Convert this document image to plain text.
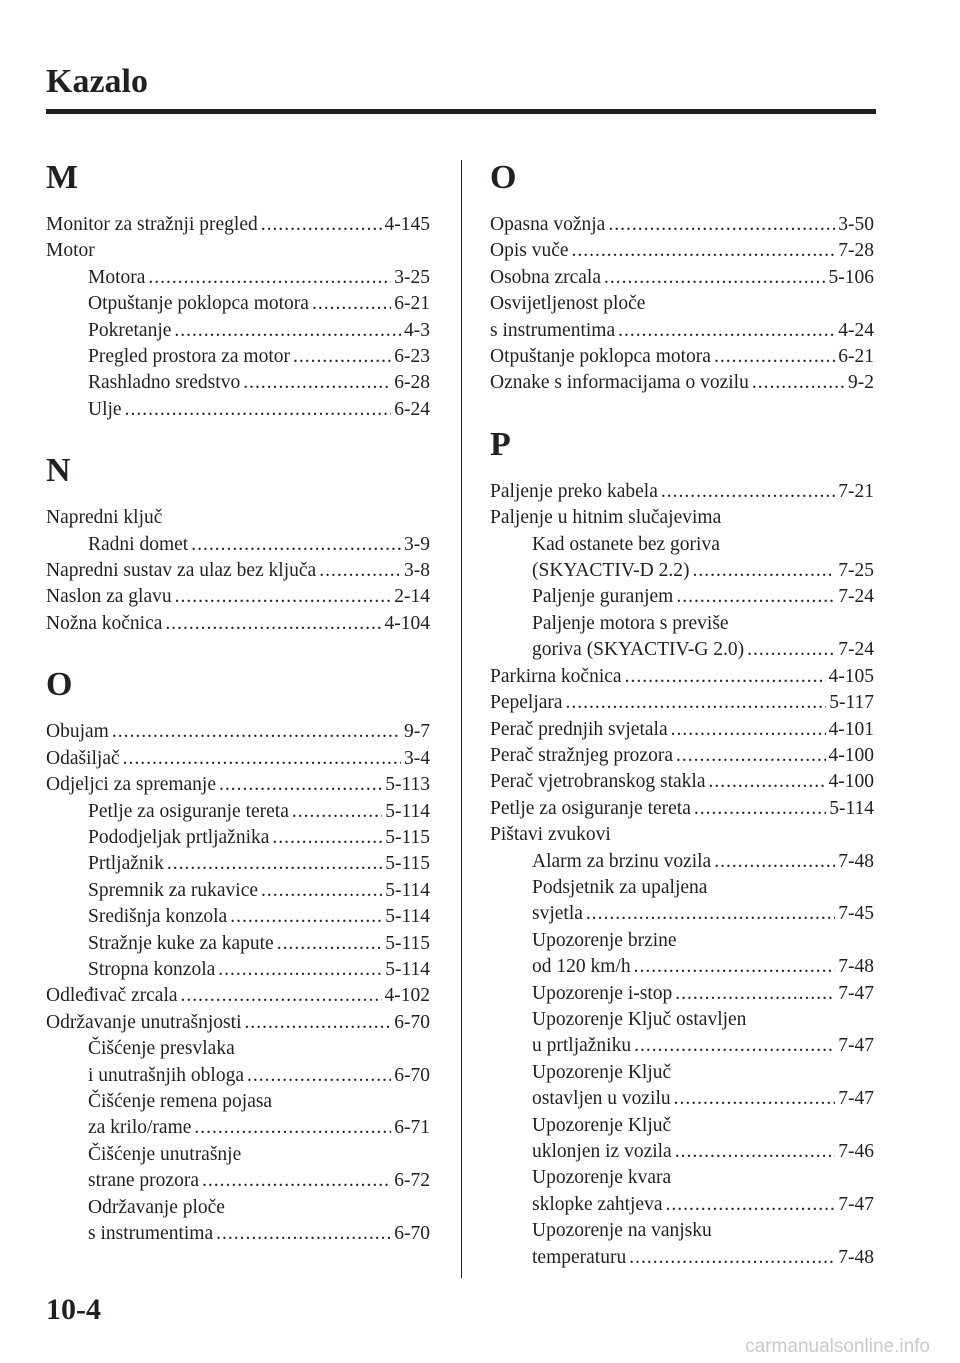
Kazalo
M
Monitor za stražnji pregled .....	4-145
Motor
Motora .....	3-25
Otpuštanje poklopca motora .....	6-21
Pokretanje .....	4-3
Pregled prostora za motor .....	6-23
Rashladno sredstvo .....	6-28
Ulje .....	6-24
N
Napredni ključ
Radni domet .....	3-9
Napredni sustav za ulaz bez ključa .....	3-8
Naslon za glavu .....	2-14
Nožna kočnica .....	4-104
O
Obujam .....	9-7
Odašiljač .....	3-4
Odjeljci za spremanje .....	5-113
Petlje za osiguranje tereta .....	5-114
Pododjeljak prtljažnika .....	5-115
Prtljažnik .....	5-115
Spremnik za rukavice .....	5-114
Središnja konzola .....	5-114
Stražnje kuke za kapute .....	5-115
Stropna konzola .....	5-114
Odleđivač zrcala .....	4-102
Održavanje unutrašnjosti .....	6-70
Čišćenje presvlaka
i unutrašnjih obloga .....	6-70
Čišćenje remena pojasa
za krilo/rame .....	6-71
Čišćenje unutrašnje
strane prozora .....	6-72
Održavanje ploče
s instrumentima .....	6-70
O
Opasna vožnja .....	3-50
Opis vuče .....	7-28
Osobna zrcala .....	5-106
Osvijetljenost ploče
s instrumentima .....	4-24
Otpuštanje poklopca motora .....	6-21
Oznake s informacijama o vozilu .....	9-2
P
Paljenje preko kabela .....	7-21
Paljenje u hitnim slučajevima
Kad ostanete bez goriva
(SKYACTIV-D 2.2) .....	7-25
Paljenje guranjem .....	7-24
Paljenje motora s previše
goriva (SKYACTIV-G 2.0) .....	7-24
Parkirna kočnica .....	4-105
Pepeljara .....	5-117
Perač prednjih svjetala .....	4-101
Perač stražnjeg prozora .....	4-100
Perač vjetrobranskog stakla .....	4-100
Petlje za osiguranje tereta .....	5-114
Pištavi zvukovi
Alarm za brzinu vozila .....	7-48
Podsjetnik za upaljena
svjetla .....	7-45
Upozorenje brzine
od 120 km/h .....	7-48
Upozorenje i-stop .....	7-47
Upozorenje Ključ ostavljen
u prtljažniku .....	7-47
Upozorenje Ključ
ostavljen u vozilu .....	7-47
Upozorenje Ključ
uklonjen iz vozila .....	7-46
Upozorenje kvara
sklopke zahtjeva .....	7-47
Upozorenje na vanjsku
temperaturu .....	7-48
10-4
carmanualsonline.info
